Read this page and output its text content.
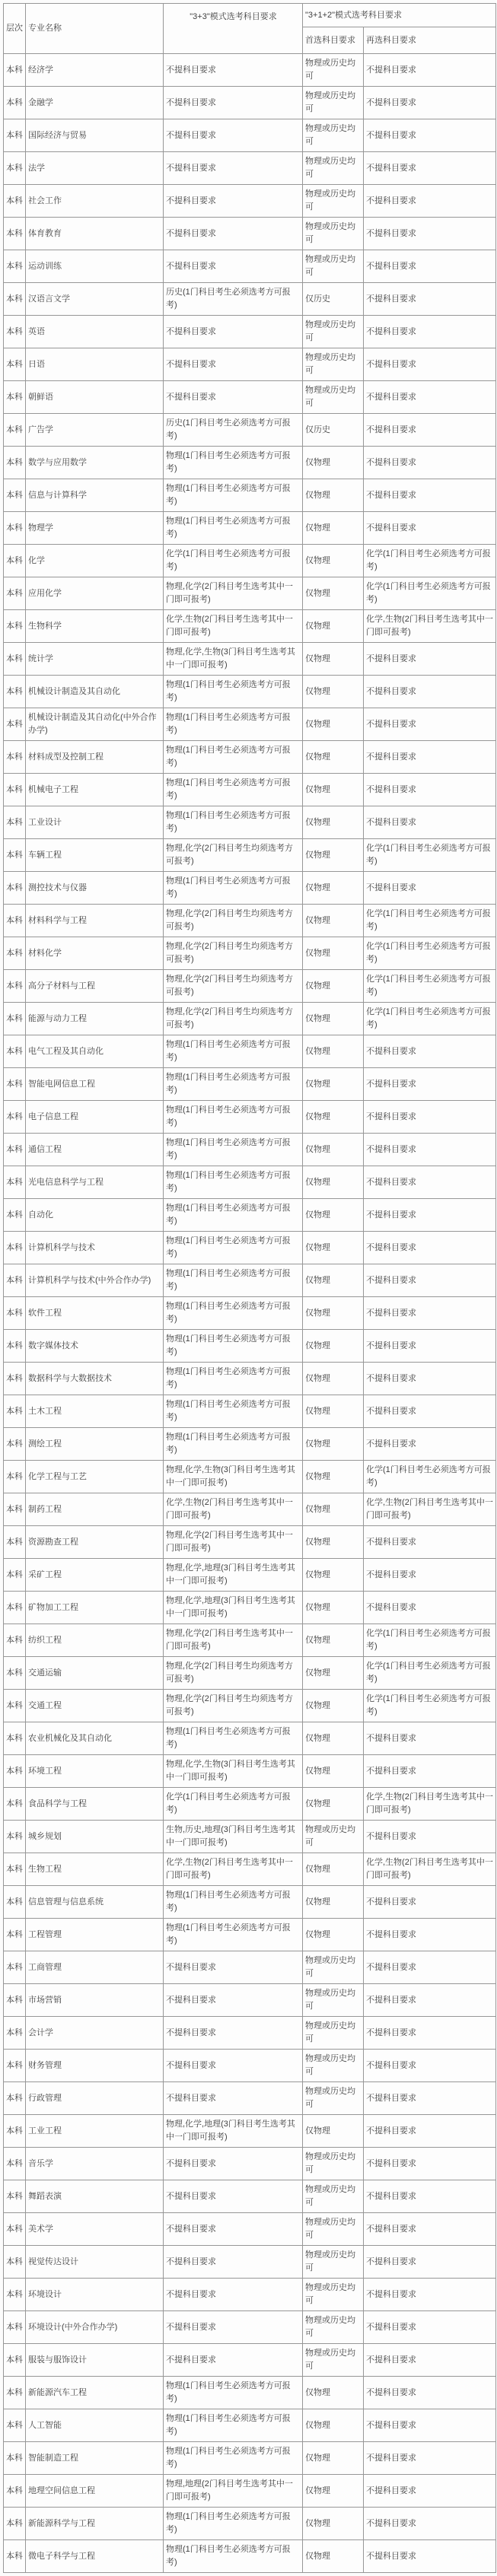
层次	专业名称	"3+3"模式选考科目要求	"3+1+2"模式选考科目要求	
			首选科目要求	再选科目要求
本科	经济学	不提科目要求	物理或历史均可	不提科目要求
本科	金融学	不提科目要求	物理或历史均可	不提科目要求
本科	国际经济与贸易	不提科目要求	物理或历史均可	不提科目要求
本科	法学	不提科目要求	物理或历史均可	不提科目要求
本科	社会工作	不提科目要求	物理或历史均可	不提科目要求
本科	体育教育	不提科目要求	物理或历史均可	不提科目要求
本科	运动训练	不提科目要求	物理或历史均可	不提科目要求
本科	汉语言文学	历史(1门科目考生必须选考方可报考)	仅历史	不提科目要求
本科	英语	不提科目要求	物理或历史均可	不提科目要求
本科	日语	不提科目要求	物理或历史均可	不提科目要求
本科	朝鲜语	不提科目要求	物理或历史均可	不提科目要求
本科	广告学	历史(1门科目考生必须选考方可报考)	仅历史	不提科目要求
本科	数学与应用数学	物理(1门科目考生必须选考方可报考)	仅物理	不提科目要求
本科	信息与计算科学	物理(1门科目考生必须选考方可报考)	仅物理	不提科目要求
本科	物理学	物理(1门科目考生必须选考方可报考)	仅物理	不提科目要求
本科	化学	化学(1门科目考生必须选考方可报考)	仅物理	化学(1门科目考生必须选考方可报考)
本科	应用化学	物理,化学(2门科目考生选考其中一门即可报考)	仅物理	化学(1门科目考生必须选考方可报考)
本科	生物科学	化学,生物(2门科目考生选考其中一门即可报考)	仅物理	化学,生物(2门科目考生选考其中一门即可报考)
本科	统计学	物理,化学,生物(3门科目考生选考其中一门即可报考)	仅物理	不提科目要求
本科	机械设计制造及其自动化	物理(1门科目考生必须选考方可报考)	仅物理	不提科目要求
本科	机械设计制造及其自动化(中外合作办学)	物理(1门科目考生必须选考方可报考)	仅物理	不提科目要求
本科	材料成型及控制工程	物理(1门科目考生必须选考方可报考)	仅物理	不提科目要求
本科	机械电子工程	物理(1门科目考生必须选考方可报考)	仅物理	不提科目要求
本科	工业设计	物理(1门科目考生必须选考方可报考)	仅物理	不提科目要求
本科	车辆工程	物理,化学(2门科目考生均须选考方可报考)	仅物理	化学(1门科目考生必须选考方可报考)
本科	测控技术与仪器	物理(1门科目考生必须选考方可报考)	仅物理	不提科目要求
本科	材料科学与工程	物理,化学(2门科目考生均须选考方可报考)	仅物理	化学(1门科目考生必须选考方可报考)
本科	材料化学	物理,化学(2门科目考生均须选考方可报考)	仅物理	化学(1门科目考生必须选考方可报考)
本科	高分子材料与工程	物理,化学(2门科目考生均须选考方可报考)	仅物理	化学(1门科目考生必须选考方可报考)
本科	能源与动力工程	物理,化学(2门科目考生均须选考方可报考)	仅物理	化学(1门科目考生必须选考方可报考)
本科	电气工程及其自动化	物理(1门科目考生必须选考方可报考)	仅物理	不提科目要求
本科	智能电网信息工程	物理(1门科目考生必须选考方可报考)	仅物理	不提科目要求
本科	电子信息工程	物理(1门科目考生必须选考方可报考)	仅物理	不提科目要求
本科	通信工程	物理(1门科目考生必须选考方可报考)	仅物理	不提科目要求
本科	光电信息科学与工程	物理(1门科目考生必须选考方可报考)	仅物理	不提科目要求
本科	自动化	物理(1门科目考生必须选考方可报考)	仅物理	不提科目要求
本科	计算机科学与技术	物理(1门科目考生必须选考方可报考)	仅物理	不提科目要求
本科	计算机科学与技术(中外合作办学)	物理(1门科目考生必须选考方可报考)	仅物理	不提科目要求
本科	软件工程	物理(1门科目考生必须选考方可报考)	仅物理	不提科目要求
本科	数字媒体技术	物理(1门科目考生必须选考方可报考)	仅物理	不提科目要求
本科	数据科学与大数据技术	物理(1门科目考生必须选考方可报考)	仅物理	不提科目要求
本科	土木工程	物理(1门科目考生必须选考方可报考)	仅物理	不提科目要求
本科	测绘工程	物理(1门科目考生必须选考方可报考)	仅物理	不提科目要求
本科	化学工程与工艺	物理,化学,生物(3门科目考生选考其中一门即可报考)	仅物理	化学(1门科目考生必须选考方可报考)
本科	制药工程	化学,生物(2门科目考生选考其中一门即可报考)	仅物理	化学,生物(2门科目考生选考其中一门即可报考)
本科	资源勘查工程	物理,化学(2门科目考生选考其中一门即可报考)	仅物理	不提科目要求
本科	采矿工程	物理,化学,地理(3门科目考生选考其中一门即可报考)	仅物理	不提科目要求
本科	矿物加工工程	物理,化学,地理(3门科目考生选考其中一门即可报考)	仅物理	不提科目要求
本科	纺织工程	物理,化学(2门科目考生选考其中一门即可报考)	仅物理	化学(1门科目考生必须选考方可报考)
本科	交通运输	物理,化学(2门科目考生均须选考方可报考)	仅物理	化学(1门科目考生必须选考方可报考)
本科	交通工程	物理,化学(2门科目考生均须选考方可报考)	仅物理	化学(1门科目考生必须选考方可报考)
本科	农业机械化及其自动化	物理(1门科目考生必须选考方可报考)	仅物理	不提科目要求
本科	环境工程	物理,化学,生物(3门科目考生选考其中一门即可报考)	仅物理	不提科目要求
本科	食品科学与工程	化学(1门科目考生必须选考方可报考)	仅物理	化学,生物(2门科目考生选考其中一门即可报考)
本科	城乡规划	生物,历史,地理(3门科目考生选考其中一门即可报考)	物理或历史均可	不提科目要求
本科	生物工程	化学,生物(2门科目考生选考其中一门即可报考)	仅物理	化学,生物(2门科目考生选考其中一门即可报考)
本科	信息管理与信息系统	物理(1门科目考生必须选考方可报考)	仅物理	不提科目要求
本科	工程管理	物理(1门科目考生必须选考方可报考)	仅物理	不提科目要求
本科	工商管理	不提科目要求	物理或历史均可	不提科目要求
本科	市场营销	不提科目要求	物理或历史均可	不提科目要求
本科	会计学	不提科目要求	物理或历史均可	不提科目要求
本科	财务管理	不提科目要求	物理或历史均可	不提科目要求
本科	行政管理	不提科目要求	物理或历史均可	不提科目要求
本科	工业工程	物理,化学,地理(3门科目考生选考其中一门即可报考)	仅物理	不提科目要求
本科	音乐学	不提科目要求	物理或历史均可	不提科目要求
本科	舞蹈表演	不提科目要求	物理或历史均可	不提科目要求
本科	美术学	不提科目要求	物理或历史均可	不提科目要求
本科	视觉传达设计	不提科目要求	物理或历史均可	不提科目要求
本科	环境设计	不提科目要求	物理或历史均可	不提科目要求
本科	环境设计(中外合作办学)	不提科目要求	物理或历史均可	不提科目要求
本科	服装与服饰设计	不提科目要求	物理或历史均可	不提科目要求
本科	新能源汽车工程	物理(1门科目考生必须选考方可报考)	仅物理	不提科目要求
本科	人工智能	物理(1门科目考生必须选考方可报考)	仅物理	不提科目要求
本科	智能制造工程	物理(1门科目考生必须选考方可报考)	仅物理	不提科目要求
本科	地理空间信息工程	物理,地理(2门科目考生选考其中一门即可报考)	仅物理	不提科目要求
本科	新能源科学与工程	物理(1门科目考生必须选考方可报考)	仅物理	不提科目要求
本科	微电子科学与工程	物理(1门科目考生必须选考方可报考)	仅物理	不提科目要求
